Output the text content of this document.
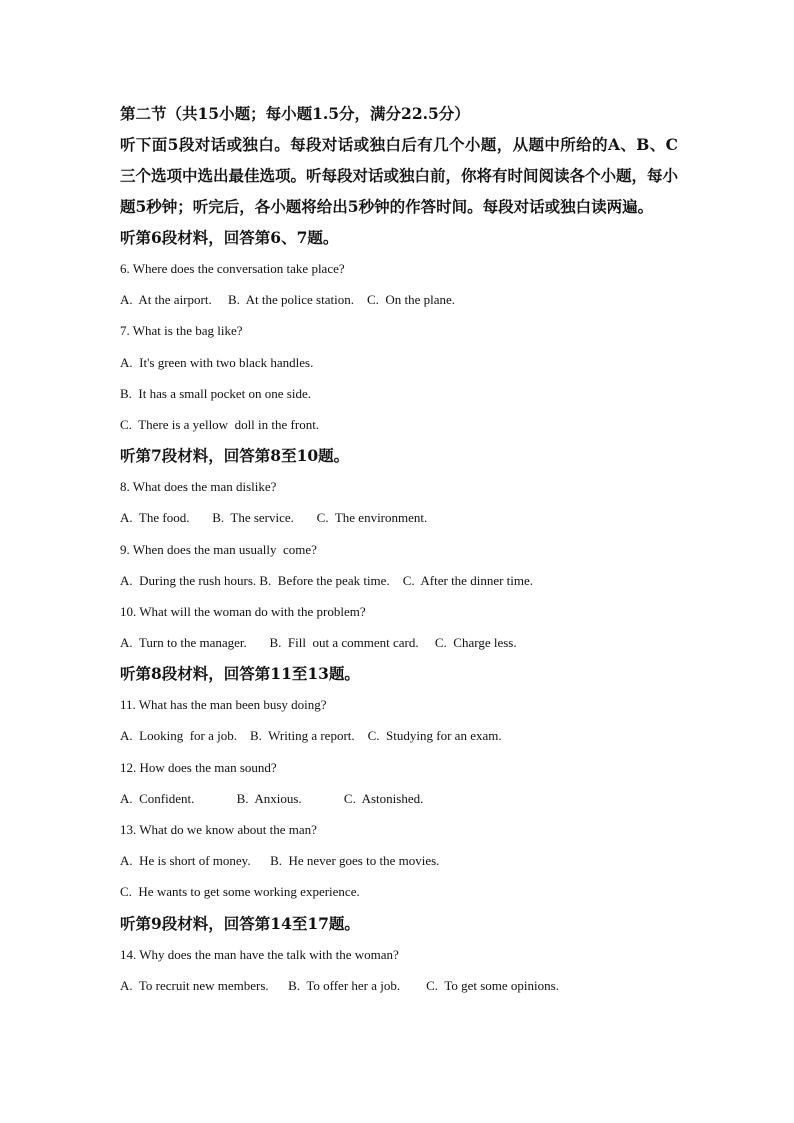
第二节（共15小题；每小题1.5分，满分22.5分）
听下面5段对话或独白。每段对话或独白后有几个小题，从题中所给的A、B、C三个选项中选出最佳选项。听每段对话或独白前，你将有时间阅读各个小题，每小题5秒钟；听完后，各小题将给出5秒钟的作答时间。每段对话或独白读两遍。
听第6段材料，回答第6、7题。
6. Where does the conversation take place?
A.  At the airport.     B.  At the police station.    C.  On the plane.
7. What is the bag like?
A.  It's green with two black handles.
B.  It has a small pocket on one side.
C.  There is a yellow  doll in the front.
听第7段材料，回答第8至10题。
8. What does the man dislike?
A.  The food.       B.  The service.       C.  The environment.
9. When does the man usually  come?
A.  During the rush hours. B.  Before the peak time.    C.  After the dinner time.
10. What will the woman do with the problem?
A.  Turn to the manager.       B.  Fill  out a comment card.     C.  Charge less.
听第8段材料，回答第11至13题。
11. What has the man been busy doing?
A.  Looking  for a job.    B.  Writing a report.    C.  Studying for an exam.
12. How does the man sound?
A.  Confident.             B.  Anxious.             C.  Astonished.
13. What do we know about the man?
A.  He is short of money.      B.  He never goes to the movies.
C.  He wants to get some working experience.
听第9段材料，回答第14至17题。
14. Why does the man have the talk with the woman?
A.  To recruit new members.      B.  To offer her a job.        C.  To get some opinions.
